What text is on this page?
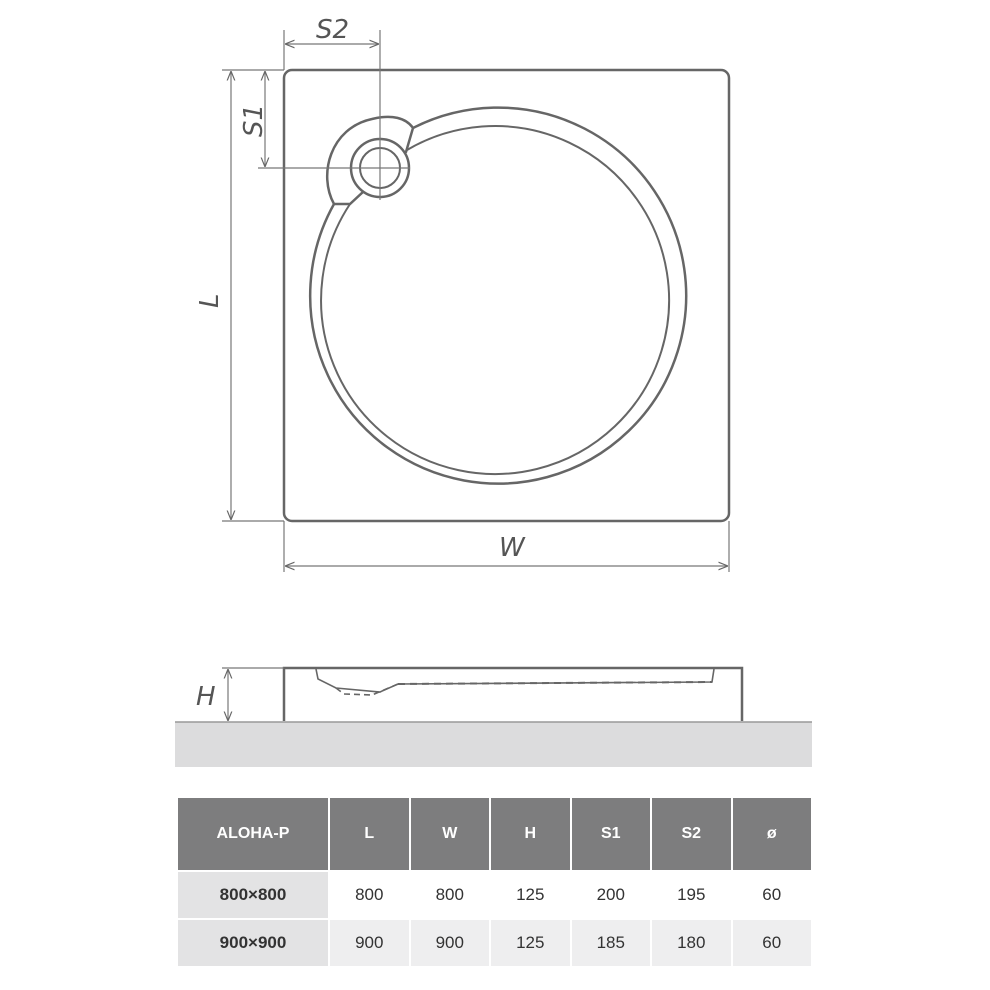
S2
S1
L
W
H
ALOHA-P	L	W	H	S1	S2	ø
800×800	800	800	125	200	195	60
900×900	900	900	125	185	180	60
